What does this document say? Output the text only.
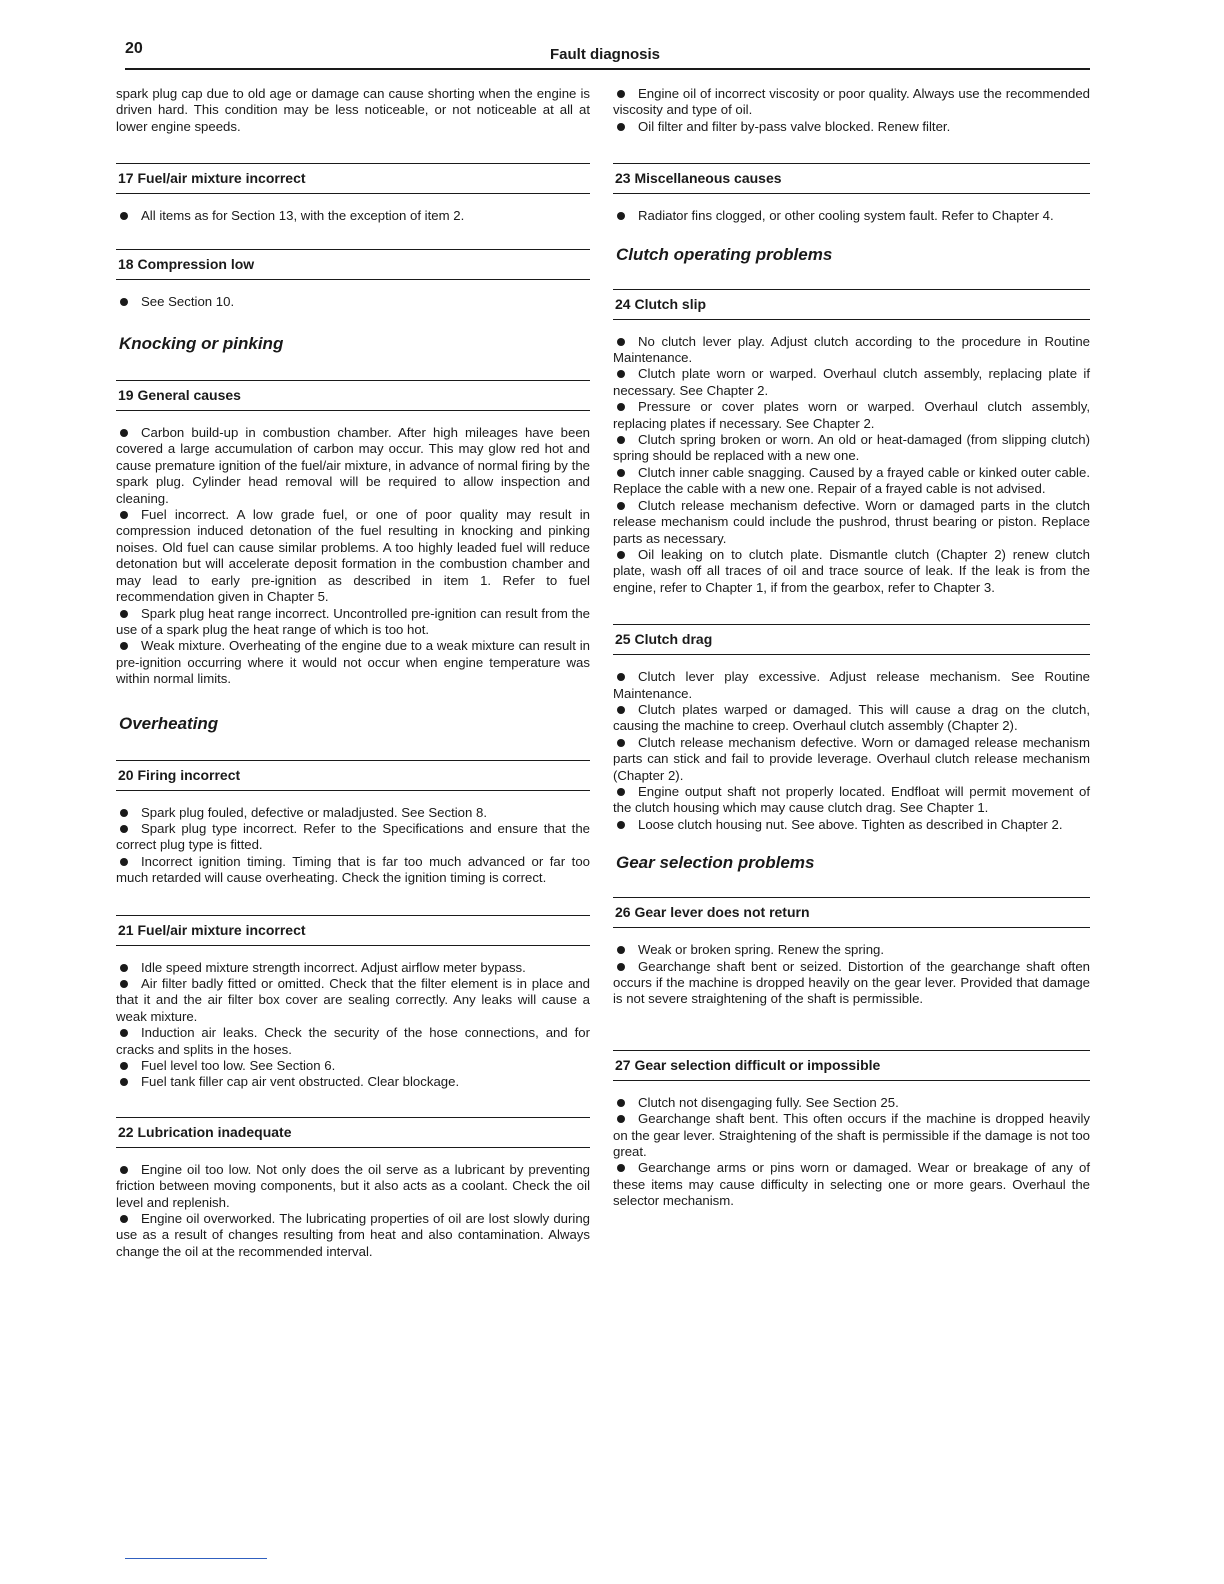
20	Fault diagnosis

spark plug cap due to old age or damage can cause shorting when the engine is driven hard. This condition may be less noticeable, or not noticeable at all at lower engine speeds.

17 Fuel/air mixture incorrect
All items as for Section 13, with the exception of item 2.
18 Compression low
See Section 10.
Knocking or pinking
19 General causes
Carbon build-up in combustion chamber. After high mileages have been covered a large accumulation of carbon may occur. This may glow red hot and cause premature ignition of the fuel/air mixture, in advance of normal firing by the spark plug. Cylinder head removal will be required to allow inspection and cleaning.
Fuel incorrect. A low grade fuel, or one of poor quality may result in compression induced detonation of the fuel resulting in knocking and pinking noises. Old fuel can cause similar problems. A too highly leaded fuel will reduce detonation but will accelerate deposit formation in the combustion chamber and may lead to early pre-ignition as described in item 1. Refer to fuel recommendation given in Chapter 5.
Spark plug heat range incorrect. Uncontrolled pre-ignition can result from the use of a spark plug the heat range of which is too hot.
Weak mixture. Overheating of the engine due to a weak mixture can result in pre-ignition occurring where it would not occur when engine temperature was within normal limits.
Overheating
20 Firing incorrect
Spark plug fouled, defective or maladjusted. See Section 8.
Spark plug type incorrect. Refer to the Specifications and ensure that the correct plug type is fitted.
Incorrect ignition timing. Timing that is far too much advanced or far too much retarded will cause overheating. Check the ignition timing is correct.
21 Fuel/air mixture incorrect
Idle speed mixture strength incorrect. Adjust airflow meter bypass.
Air filter badly fitted or omitted. Check that the filter element is in place and that it and the air filter box cover are sealing correctly. Any leaks will cause a weak mixture.
Induction air leaks. Check the security of the hose connections, and for cracks and splits in the hoses.
Fuel level too low. See Section 6.
Fuel tank filler cap air vent obstructed. Clear blockage.
22 Lubrication inadequate
Engine oil too low. Not only does the oil serve as a lubricant by preventing friction between moving components, but it also acts as a coolant. Check the oil level and replenish.
Engine oil overworked. The lubricating properties of oil are lost slowly during use as a result of changes resulting from heat and also contamination. Always change the oil at the recommended interval.
Engine oil of incorrect viscosity or poor quality. Always use the recommended viscosity and type of oil.
Oil filter and filter by-pass valve blocked. Renew filter.
23 Miscellaneous causes
Radiator fins clogged, or other cooling system fault. Refer to Chapter 4.
Clutch operating problems
24 Clutch slip
No clutch lever play. Adjust clutch according to the procedure in Routine Maintenance.
Clutch plate worn or warped. Overhaul clutch assembly, replacing plate if necessary. See Chapter 2.
Pressure or cover plates worn or warped. Overhaul clutch assembly, replacing plates if necessary. See Chapter 2.
Clutch spring broken or worn. An old or heat-damaged (from slipping clutch) spring should be replaced with a new one.
Clutch inner cable snagging. Caused by a frayed cable or kinked outer cable. Replace the cable with a new one. Repair of a frayed cable is not advised.
Clutch release mechanism defective. Worn or damaged parts in the clutch release mechanism could include the pushrod, thrust bearing or piston. Replace parts as necessary.
Oil leaking on to clutch plate. Dismantle clutch (Chapter 2) renew clutch plate, wash off all traces of oil and trace source of leak. If the leak is from the engine, refer to Chapter 1, if from the gearbox, refer to Chapter 3.
25 Clutch drag
Clutch lever play excessive. Adjust release mechanism. See Routine Maintenance.
Clutch plates warped or damaged. This will cause a drag on the clutch, causing the machine to creep. Overhaul clutch assembly (Chapter 2).
Clutch release mechanism defective. Worn or damaged release mechanism parts can stick and fail to provide leverage. Overhaul clutch release mechanism (Chapter 2).
Engine output shaft not properly located. Endfloat will permit movement of the clutch housing which may cause clutch drag. See Chapter 1.
Loose clutch housing nut. See above. Tighten as described in Chapter 2.
Gear selection problems
26 Gear lever does not return
Weak or broken spring. Renew the spring.
Gearchange shaft bent or seized. Distortion of the gearchange shaft often occurs if the machine is dropped heavily on the gear lever. Provided that damage is not severe straightening of the shaft is permissible.
27 Gear selection difficult or impossible
Clutch not disengaging fully. See Section 25.
Gearchange shaft bent. This often occurs if the machine is dropped heavily on the gear lever. Straightening of the shaft is permissible if the damage is not too great.
Gearchange arms or pins worn or damaged. Wear or breakage of any of these items may cause difficulty in selecting one or more gears. Overhaul the selector mechanism.
